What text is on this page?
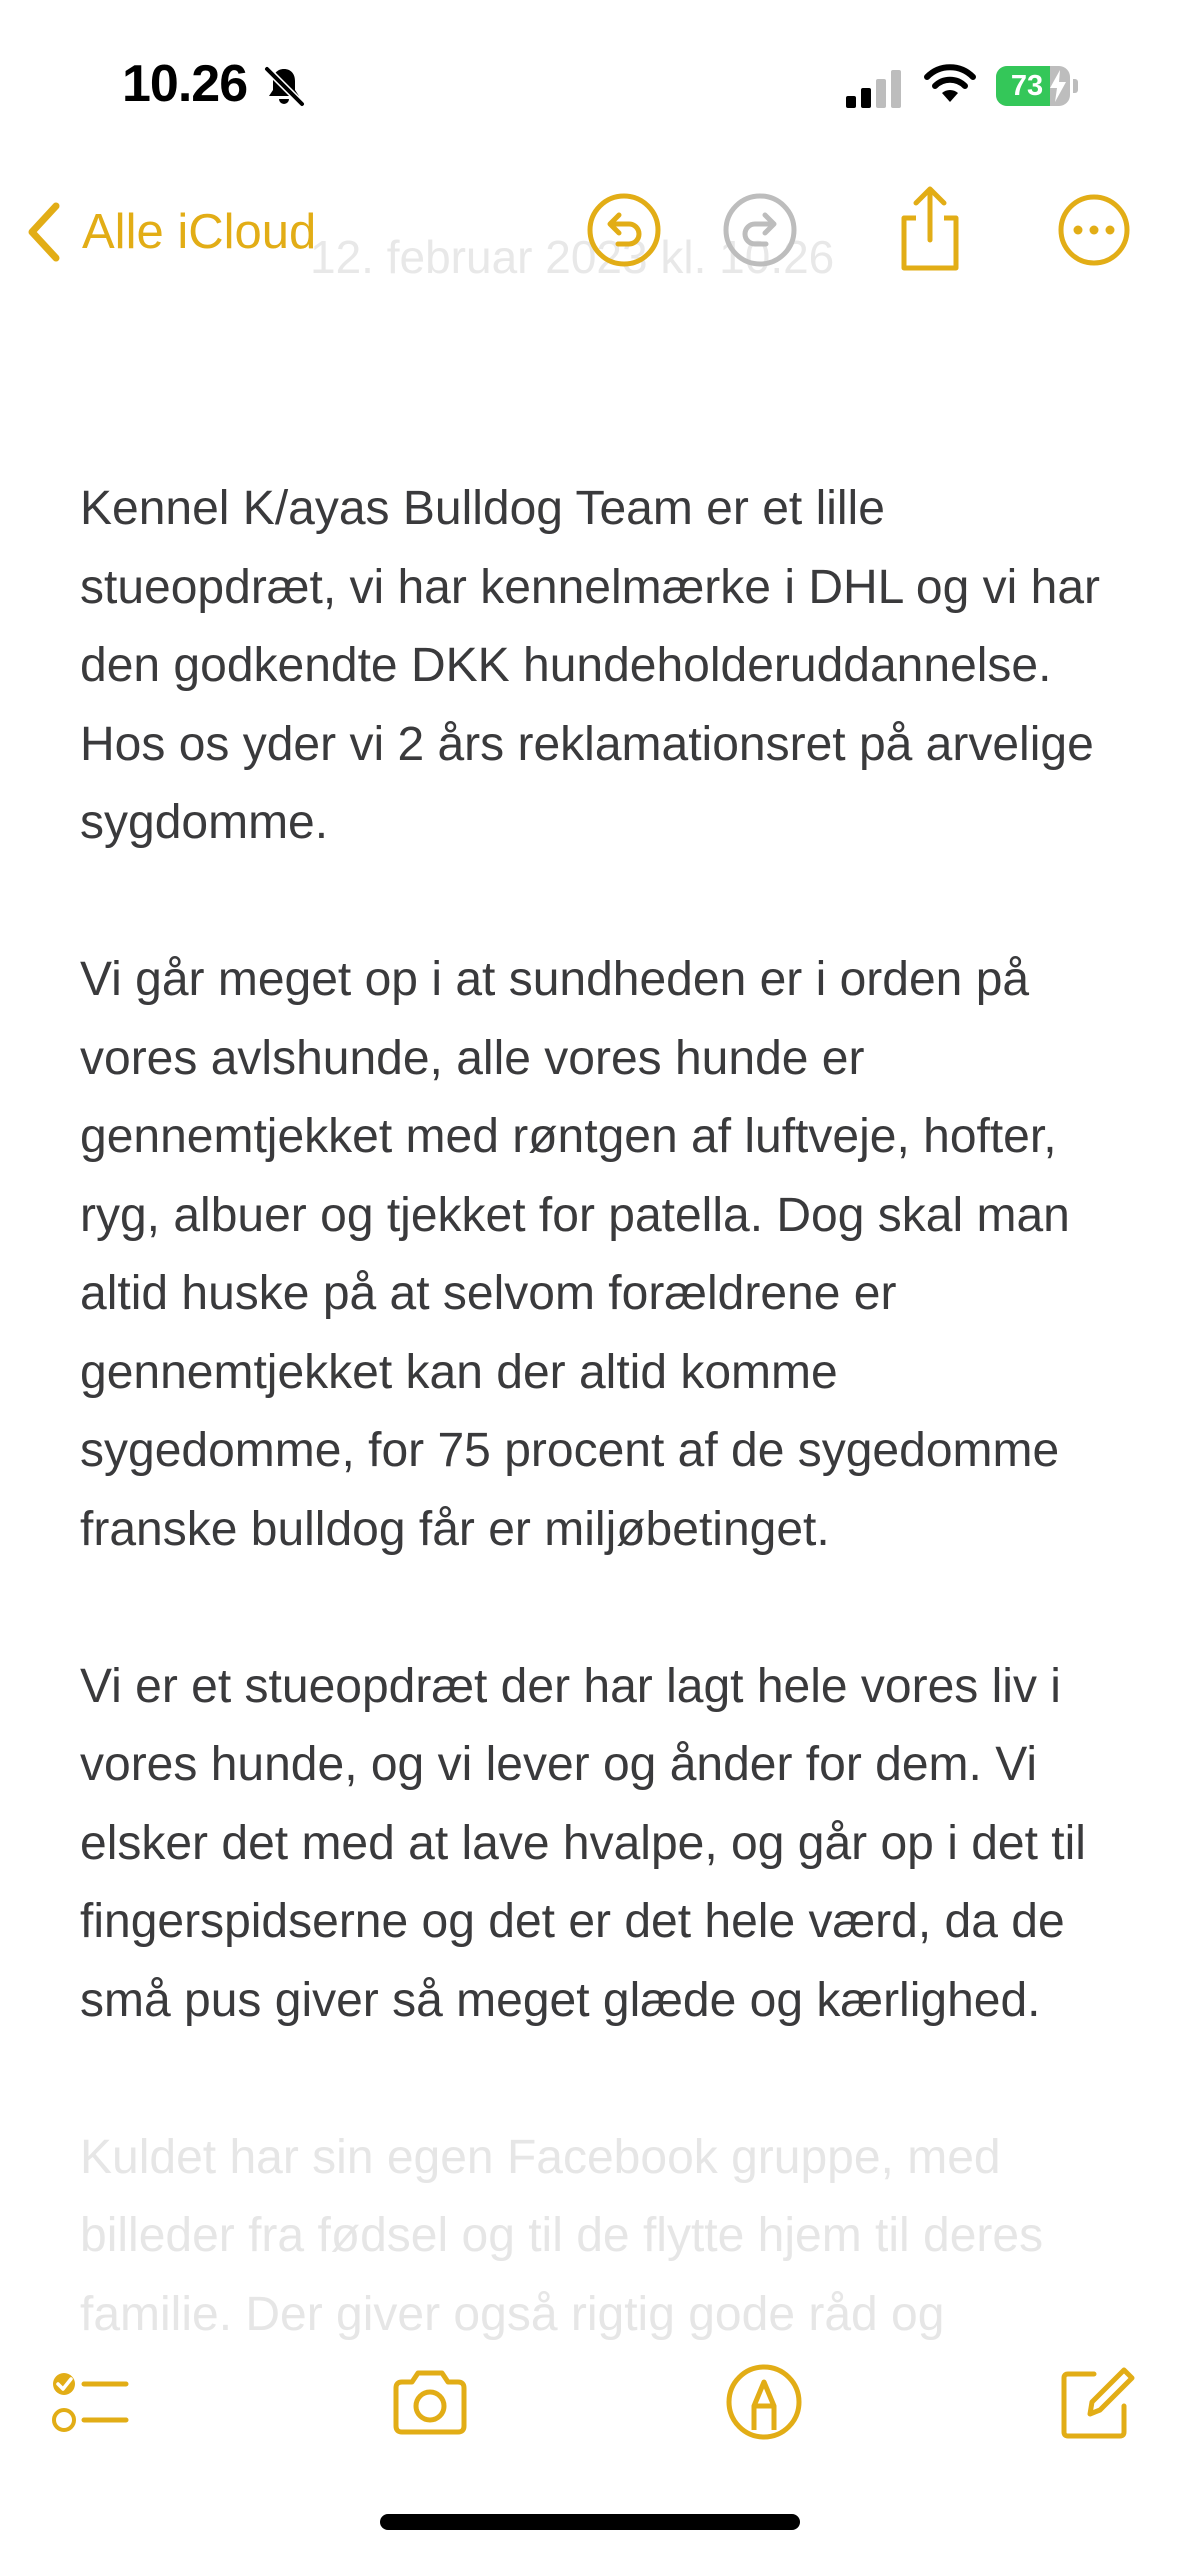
10.26	73
12. februar 2023 kl. 10.26
Alle iCloud

Kennel K/ayas Bulldog Team er et lille stueopdræt, vi har kennelmærke i DHL og vi har den godkendte DKK hundeholderuddannelse.
Hos os yder vi 2 års reklamationsret på arvelige sygdomme.

Vi går meget op i at sundheden er i orden på vores avlshunde, alle vores hunde er gennemtjekket med røntgen af luftveje, hofter, ryg, albuer og tjekket for patella. Dog skal man altid huske på at selvom forældrene er gennemtjekket kan der altid komme sygedomme, for 75 procent af de sygedomme franske bulldog får er miljøbetinget.

Vi er et stueopdræt der har lagt hele vores liv i vores hunde, og vi lever og ånder for dem. Vi elsker det med at lave hvalpe, og går op i det til fingerspidserne og det er det hele værd, da de små pus giver så meget glæde og kærlighed.

Kuldet har sin egen Facebook gruppe, med billeder fra fødsel og til de flytte hjem til deres familie. Der giver også rigtig gode råd og
